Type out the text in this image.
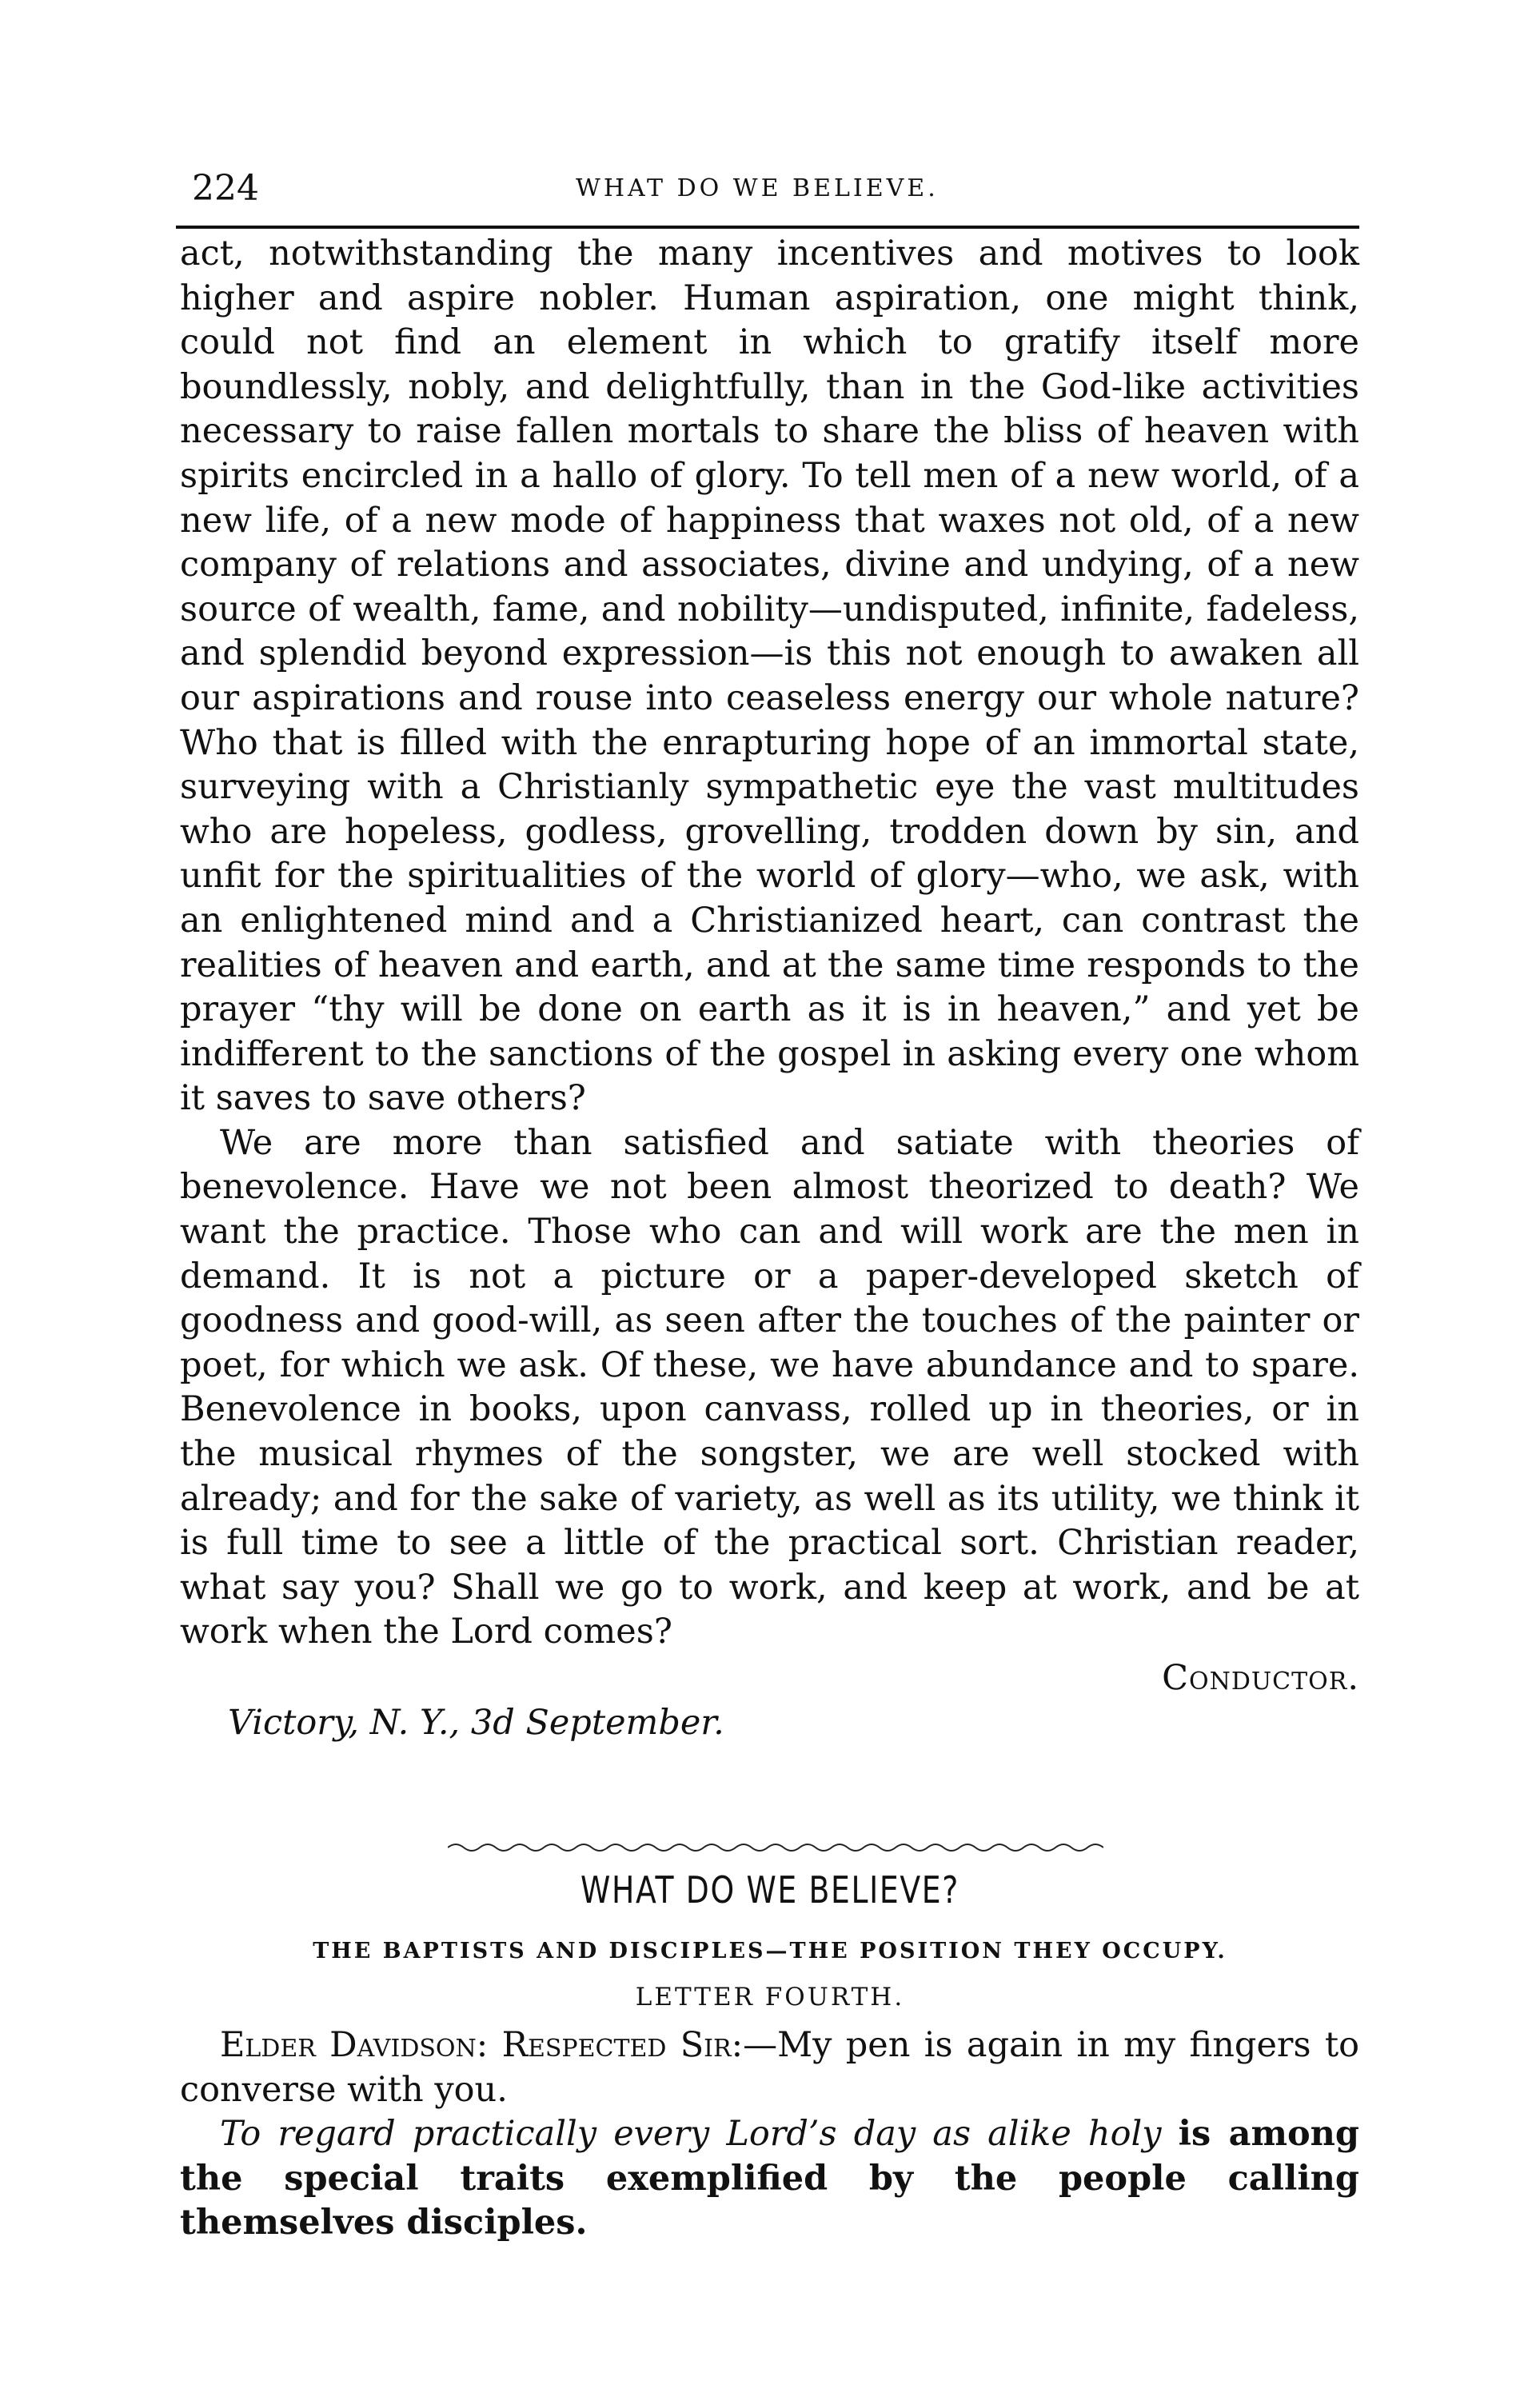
224	WHAT DO WE BELIEVE.

act, notwithstanding the many incentives and motives to look higher and aspire nobler. Human aspiration, one might think, could not find an element in which to gratify itself more boundlessly, nobly, and delightfully, than in the God-like activities necessary to raise fallen mortals to share the bliss of heaven with spirits encircled in a hallo of glory. To tell men of a new world, of a new life, of a new mode of happiness that waxes not old, of a new company of relations and associates, divine and undying, of a new source of wealth, fame, and nobility—undisputed, infinite, fadeless, and splendid beyond expression—is this not enough to awaken all our aspirations and rouse into ceaseless energy our whole nature? Who that is filled with the enrapturing hope of an immortal state, surveying with a Christianly sympathetic eye the vast multitudes who are hopeless, godless, grovelling, trodden down by sin, and unfit for the spiritualities of the world of glory—who, we ask, with an enlightened mind and a Christianized heart, can contrast the realities of heaven and earth, and at the same time responds to the prayer “thy will be done on earth as it is in heaven,” and yet be indifferent to the sanctions of the gospel in asking every one whom it saves to save others?

We are more than satisfied and satiate with theories of benevolence. Have we not been almost theorized to death? We want the practice. Those who can and will work are the men in demand. It is not a picture or a paper-developed sketch of goodness and good-will, as seen after the touches of the painter or poet, for which we ask. Of these, we have abundance and to spare. Benevolence in books, upon canvass, rolled up in theories, or in the musical rhymes of the songster, we are well stocked with already; and for the sake of variety, as well as its utility, we think it is full time to see a little of the practical sort. Christian reader, what say you? Shall we go to work, and keep at work, and be at work when the Lord comes?

Conductor.

Victory, N. Y., 3d September.

WHAT DO WE BELIEVE?
THE BAPTISTS AND DISCIPLES—THE POSITION THEY OCCUPY.
LETTER FOURTH.

Elder Davidson: Respected Sir:—My pen is again in my fingers to converse with you.

To regard practically every Lord’s day as alike holy is among the special traits exemplified by the people calling themselves disciples.
